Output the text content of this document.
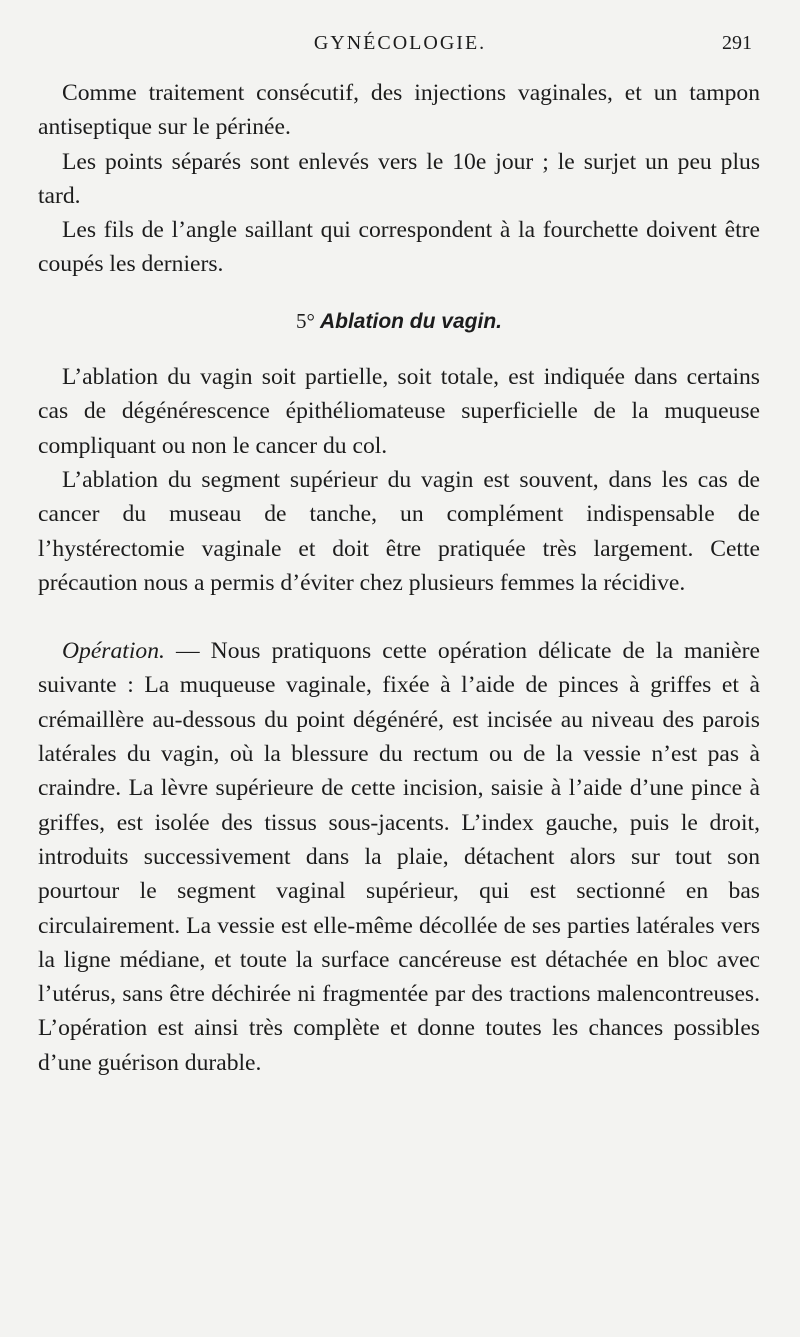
GYNÉCOLOGIE.	291

Comme traitement consécutif, des injections vaginales, et un tampon antiseptique sur le périnée.

Les points séparés sont enlevés vers le 10e jour ; le surjet un peu plus tard.

Les fils de l’angle saillant qui correspondent à la fourchette doivent être coupés les derniers.

5° Ablation du vagin.

L’ablation du vagin soit partielle, soit totale, est indiquée dans certains cas de dégénérescence épithéliomateuse superficielle de la muqueuse compliquant ou non le cancer du col.

L’ablation du segment supérieur du vagin est souvent, dans les cas de cancer du museau de tanche, un complément indispensable de l’hystérectomie vaginale et doit être pratiquée très largement. Cette précaution nous a permis d’éviter chez plusieurs femmes la récidive.

Opération. — Nous pratiquons cette opération délicate de la manière suivante : La muqueuse vaginale, fixée à l’aide de pinces à griffes et à crémaillère au-dessous du point dégénéré, est incisée au niveau des parois latérales du vagin, où la blessure du rectum ou de la vessie n’est pas à craindre. La lèvre supérieure de cette incision, saisie à l’aide d’une pince à griffes, est isolée des tissus sous-jacents. L’index gauche, puis le droit, introduits successivement dans la plaie, détachent alors sur tout son pourtour le segment vaginal supérieur, qui est sectionné en bas circulairement. La vessie est elle-même décollée de ses parties latérales vers la ligne médiane, et toute la surface cancéreuse est détachée en bloc avec l’utérus, sans être déchirée ni fragmentée par des tractions malencontreuses. L’opération est ainsi très complète et donne toutes les chances possibles d’une guérison durable.
